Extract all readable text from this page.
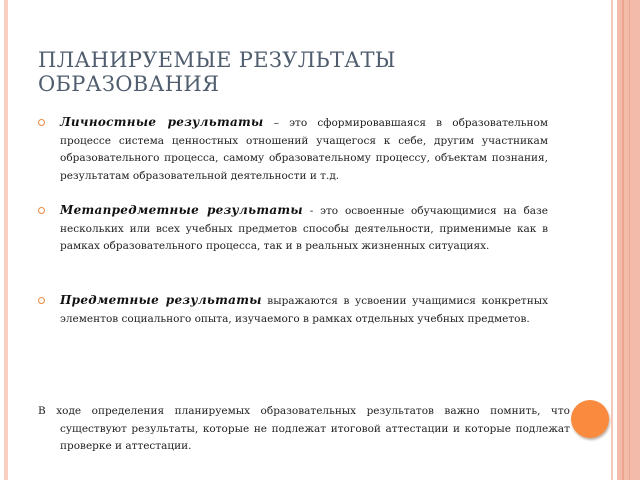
ПЛАНИРУЕМЫЕ РЕЗУЛЬТАТЫ ОБРАЗОВАНИЯ
Личностные результаты – это сформировавшаяся в образовательном процессе система ценностных отношений учащегося к себе, другим участникам образовательного процесса, самому образовательному процессу, объектам познания, результатам образовательной деятельности и т.д.
Метапредметные результаты - это освоенные обучающимися на базе нескольких или всех учебных предметов способы деятельности, применимые как в рамках образовательного процесса, так и в реальных жизненных ситуациях.
Предметные результаты выражаются в усвоении учащимися конкретных элементов социального опыта, изучаемого в рамках отдельных учебных предметов.

В ходе определения планируемых образовательных результатов важно помнить, что существуют результаты, которые не подлежат итоговой аттестации и которые подлежат проверке и аттестации.
